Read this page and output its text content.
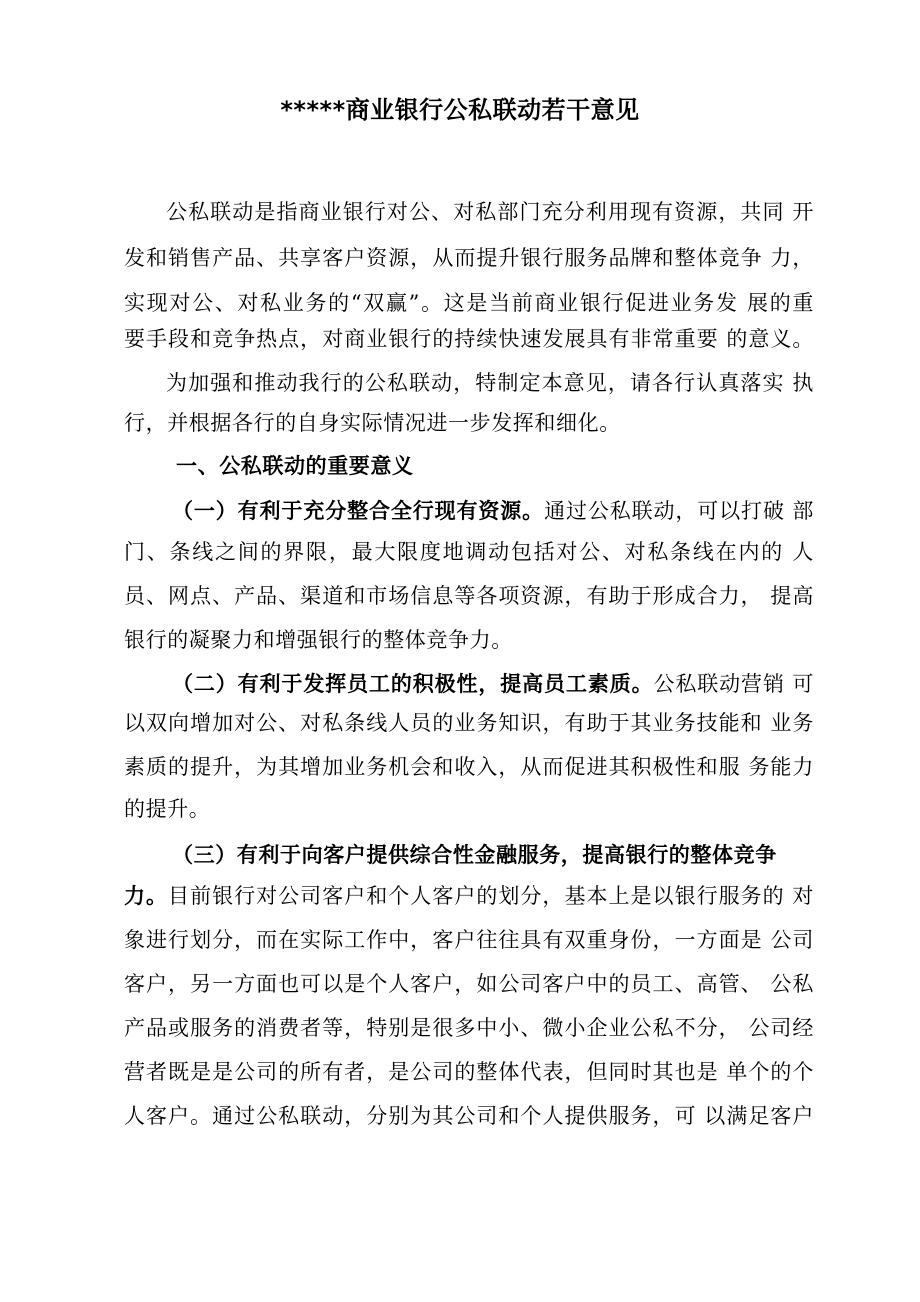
*****商业银行公私联动若干意见
公私联动是指商业银行对公、对私部门充分利用现有资源，共同 开
发和销售产品、共享客户资源，从而提升银行服务品牌和整体竞争 力，
实现对公、对私业务的“双赢”。这是当前商业银行促进业务发 展的重
要手段和竞争热点，对商业银行的持续快速发展具有非常重要 的意义。
为加强和推动我行的公私联动，特制定本意见，请各行认真落实 执
行，并根据各行的自身实际情况进一步发挥和细化。
一、公私联动的重要意义
（一）有利于充分整合全行现有资源。通过公私联动，可以打破 部
门、条线之间的界限，最大限度地调动包括对公、对私条线在内的 人
员、网点、产品、渠道和市场信息等各项资源，有助于形成合力， 提高
银行的凝聚力和增强银行的整体竞争力。
（二）有利于发挥员工的积极性，提高员工素质。公私联动营销 可
以双向增加对公、对私条线人员的业务知识，有助于其业务技能和 业务
素质的提升，为其增加业务机会和收入，从而促进其积极性和服 务能力
的提升。
（三）有利于向客户提供综合性金融服务，提高银行的整体竞争
力。目前银行对公司客户和个人客户的划分，基本上是以银行服务的 对
象进行划分，而在实际工作中，客户往往具有双重身份，一方面是 公司
客户，另一方面也可以是个人客户，如公司客户中的员工、高管、 公私
产品或服务的消费者等，特别是很多中小、微小企业公私不分， 公司经
营者既是是公司的所有者，是公司的整体代表，但同时其也是 单个的个
人客户。通过公私联动，分别为其公司和个人提供服务，可 以满足客户
